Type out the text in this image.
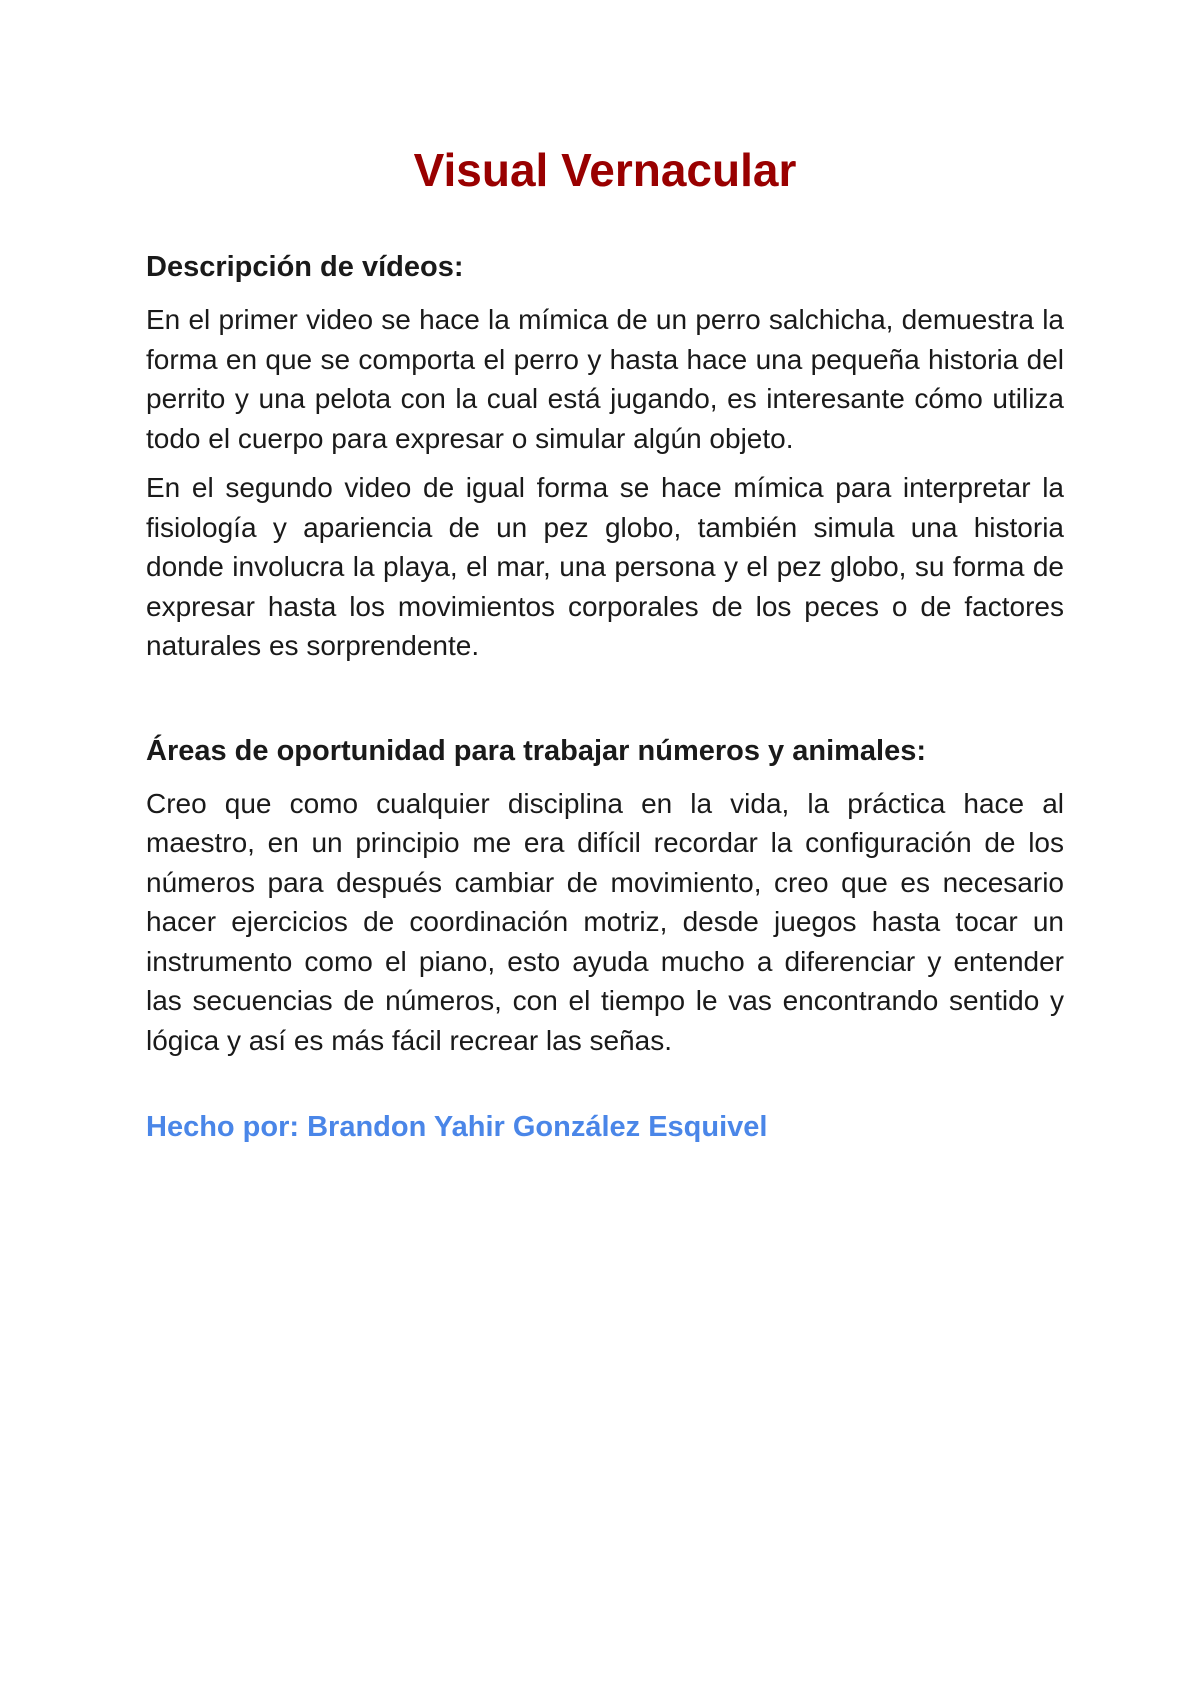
Visual Vernacular
Descripción de vídeos:

En el primer video se hace la mímica de un perro salchicha, demuestra la forma en que se comporta el perro y hasta hace una pequeña historia del perrito y una pelota con la cual está jugando, es interesante cómo utiliza todo el cuerpo para expresar o simular algún objeto.

En el segundo video de igual forma se hace mímica para interpretar la fisiología y apariencia de un pez globo, también simula una historia donde involucra la playa, el mar, una persona y el pez globo, su forma de expresar hasta los movimientos corporales de los peces o de factores naturales es sorprendente.

Áreas de oportunidad para trabajar números y animales:

Creo que como cualquier disciplina en la vida, la práctica hace al maestro, en un principio me era difícil recordar la configuración de los números para después cambiar de movimiento, creo que es necesario hacer ejercicios de coordinación motriz, desde juegos hasta tocar un instrumento como el piano, esto ayuda mucho a diferenciar y entender las secuencias de números, con el tiempo le vas encontrando sentido y lógica y así es más fácil recrear las señas.

Hecho por: Brandon Yahir González Esquivel
